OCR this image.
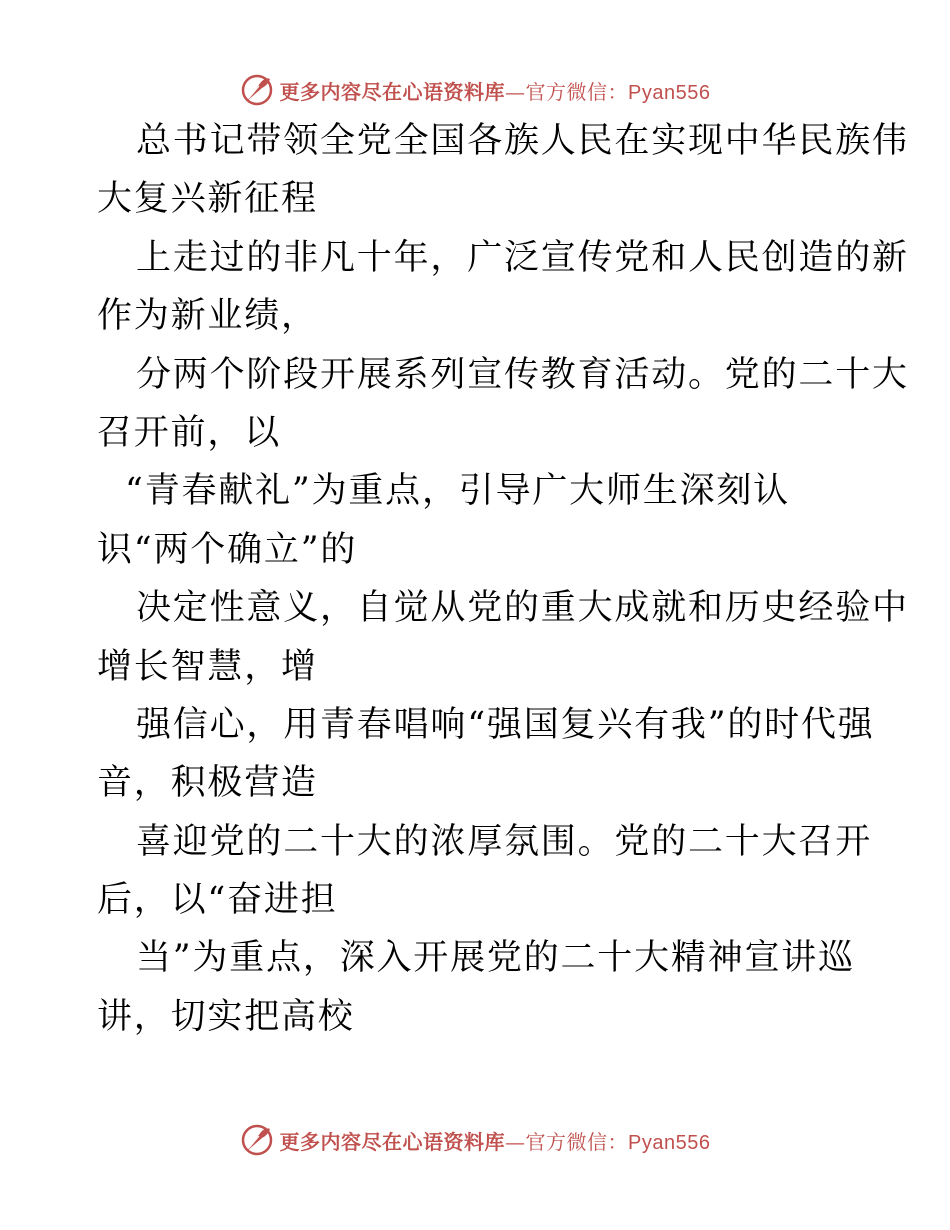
更多内容尽在心语资料库 — 官方微信： Pyan556
总书记带领全党全国各族人民在实现中华民族伟
大复兴新征程
上走过的非凡十年，广泛宣传党和人民创造的新
作为新业绩，
分两个阶段开展系列宣传教育活动。党的二十大
召开前，以
“青春献礼”为重点，引导广大师生深刻认
识“两个确立”的
决定性意义，自觉从党的重大成就和历史经验中
增长智慧，增
强信心，用青春唱响“强国复兴有我”的时代强
音，积极营造
喜迎党的二十大的浓厚氛围。党的二十大召开
后，以“奋进担
当”为重点，深入开展党的二十大精神宣讲巡
讲，切实把高校
更多内容尽在心语资料库 — 官方微信： Pyan556
